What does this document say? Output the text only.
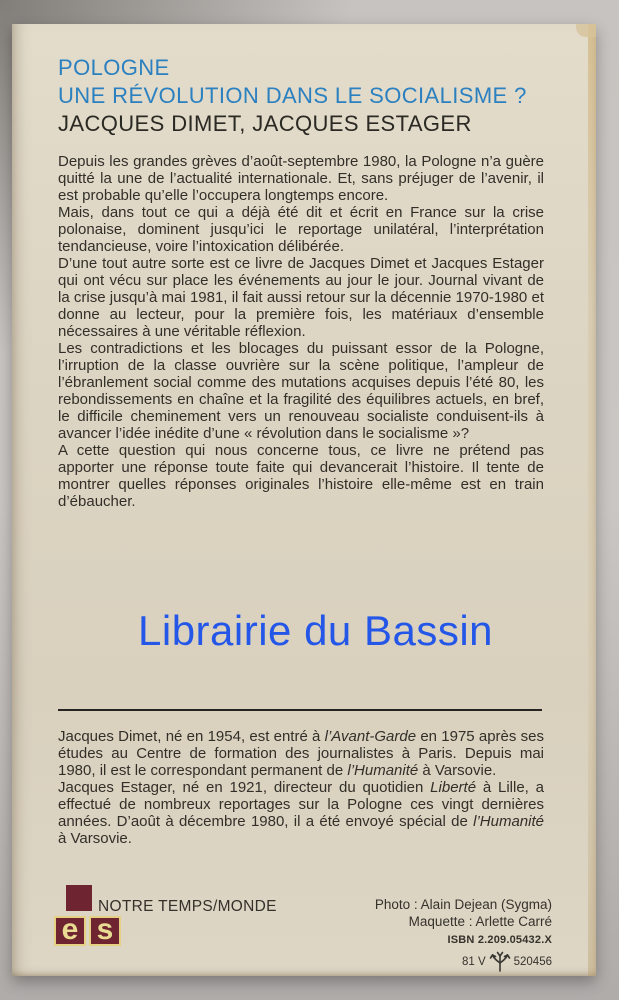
POLOGNE
UNE RÉVOLUTION DANS LE SOCIALISME ?
JACQUES DIMET, JACQUES ESTAGER

Depuis les grandes grèves d’août-septembre 1980, la Pologne n’a guère quitté la une de l’actualité internationale. Et, sans préjuger de l’avenir, il est probable qu’elle l’occupera longtemps encore.

Mais, dans tout ce qui a déjà été dit et écrit en France sur la crise polonaise, dominent jusqu’ici le reportage unilatéral, l’interprétation tendancieuse, voire l’intoxication délibérée.

D’une tout autre sorte est ce livre de Jacques Dimet et Jacques Estager qui ont vécu sur place les événements au jour le jour. Journal vivant de la crise jusqu’à mai 1981, il fait aussi retour sur la décennie 1970-1980 et donne au lecteur, pour la première fois, les matériaux d’ensemble nécessaires à une véritable réflexion.

Les contradictions et les blocages du puissant essor de la Pologne, l’irruption de la classe ouvrière sur la scène politique, l’ampleur de l’ébranlement social comme des mutations acquises depuis l’été 80, les rebondissements en chaîne et la fragilité des équilibres actuels, en bref, le difficile cheminement vers un renouveau socialiste conduisent-ils à avancer l’idée inédite d’une « révolution dans le socialisme »?

A cette question qui nous concerne tous, ce livre ne prétend pas apporter une réponse toute faite qui devancerait l’histoire. Il tente de montrer quelles réponses originales l’histoire elle-même est en train d’ébaucher.

Librairie du Bassin

Jacques Dimet, né en 1954, est entré à l’Avant-Garde en 1975 après ses études au Centre de formation des journalistes à Paris. Depuis mai 1980, il est le correspondant permanent de l’Humanité à Varsovie.

Jacques Estager, né en 1921, directeur du quotidien Liberté à Lille, a effectué de nombreux reportages sur la Pologne ces vingt dernières années. D’août à décembre 1980, il a été envoyé spécial de l’Humanité à Varsovie.

NOTRE TEMPS/MONDE
e s
Photo : Alain Dejean (Sygma)
Maquette : Arlette Carré
ISBN 2.209.05432.X
81 V 520456
